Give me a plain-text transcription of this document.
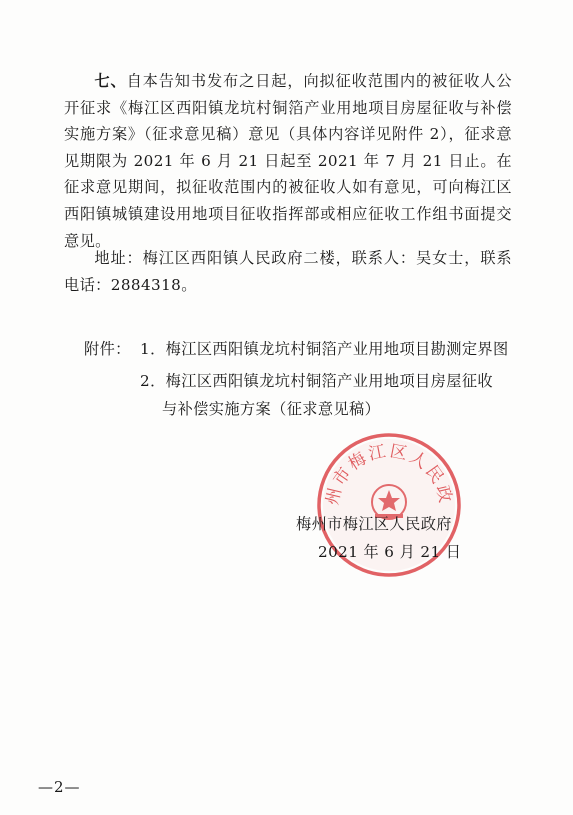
七、自本告知书发布之日起，向拟征收范围内的被征收人公开征求《梅江区西阳镇龙坑村铜箔产业用地项目房屋征收与补偿实施方案》（征求意见稿）意见（具体内容详见附件 2），征求意见期限为 2021 年 6 月 21 日起至 2021 年 7 月 21 日止。在征求意见期间，拟征收范围内的被征收人如有意见，可向梅江区西阳镇城镇建设用地项目征收指挥部或相应征收工作组书面提交意见。

地址：梅江区西阳镇人民政府二楼，联系人：吴女士，联系电话：2884318。

附件： 1．梅江区西阳镇龙坑村铜箔产业用地项目勘测定界图

2．梅江区西阳镇龙坑村铜箔产业用地项目房屋征收

与补偿实施方案（征求意见稿）

州市梅江区人民政

梅州市梅江区人民政府

2021 年 6 月 21 日

—2—
